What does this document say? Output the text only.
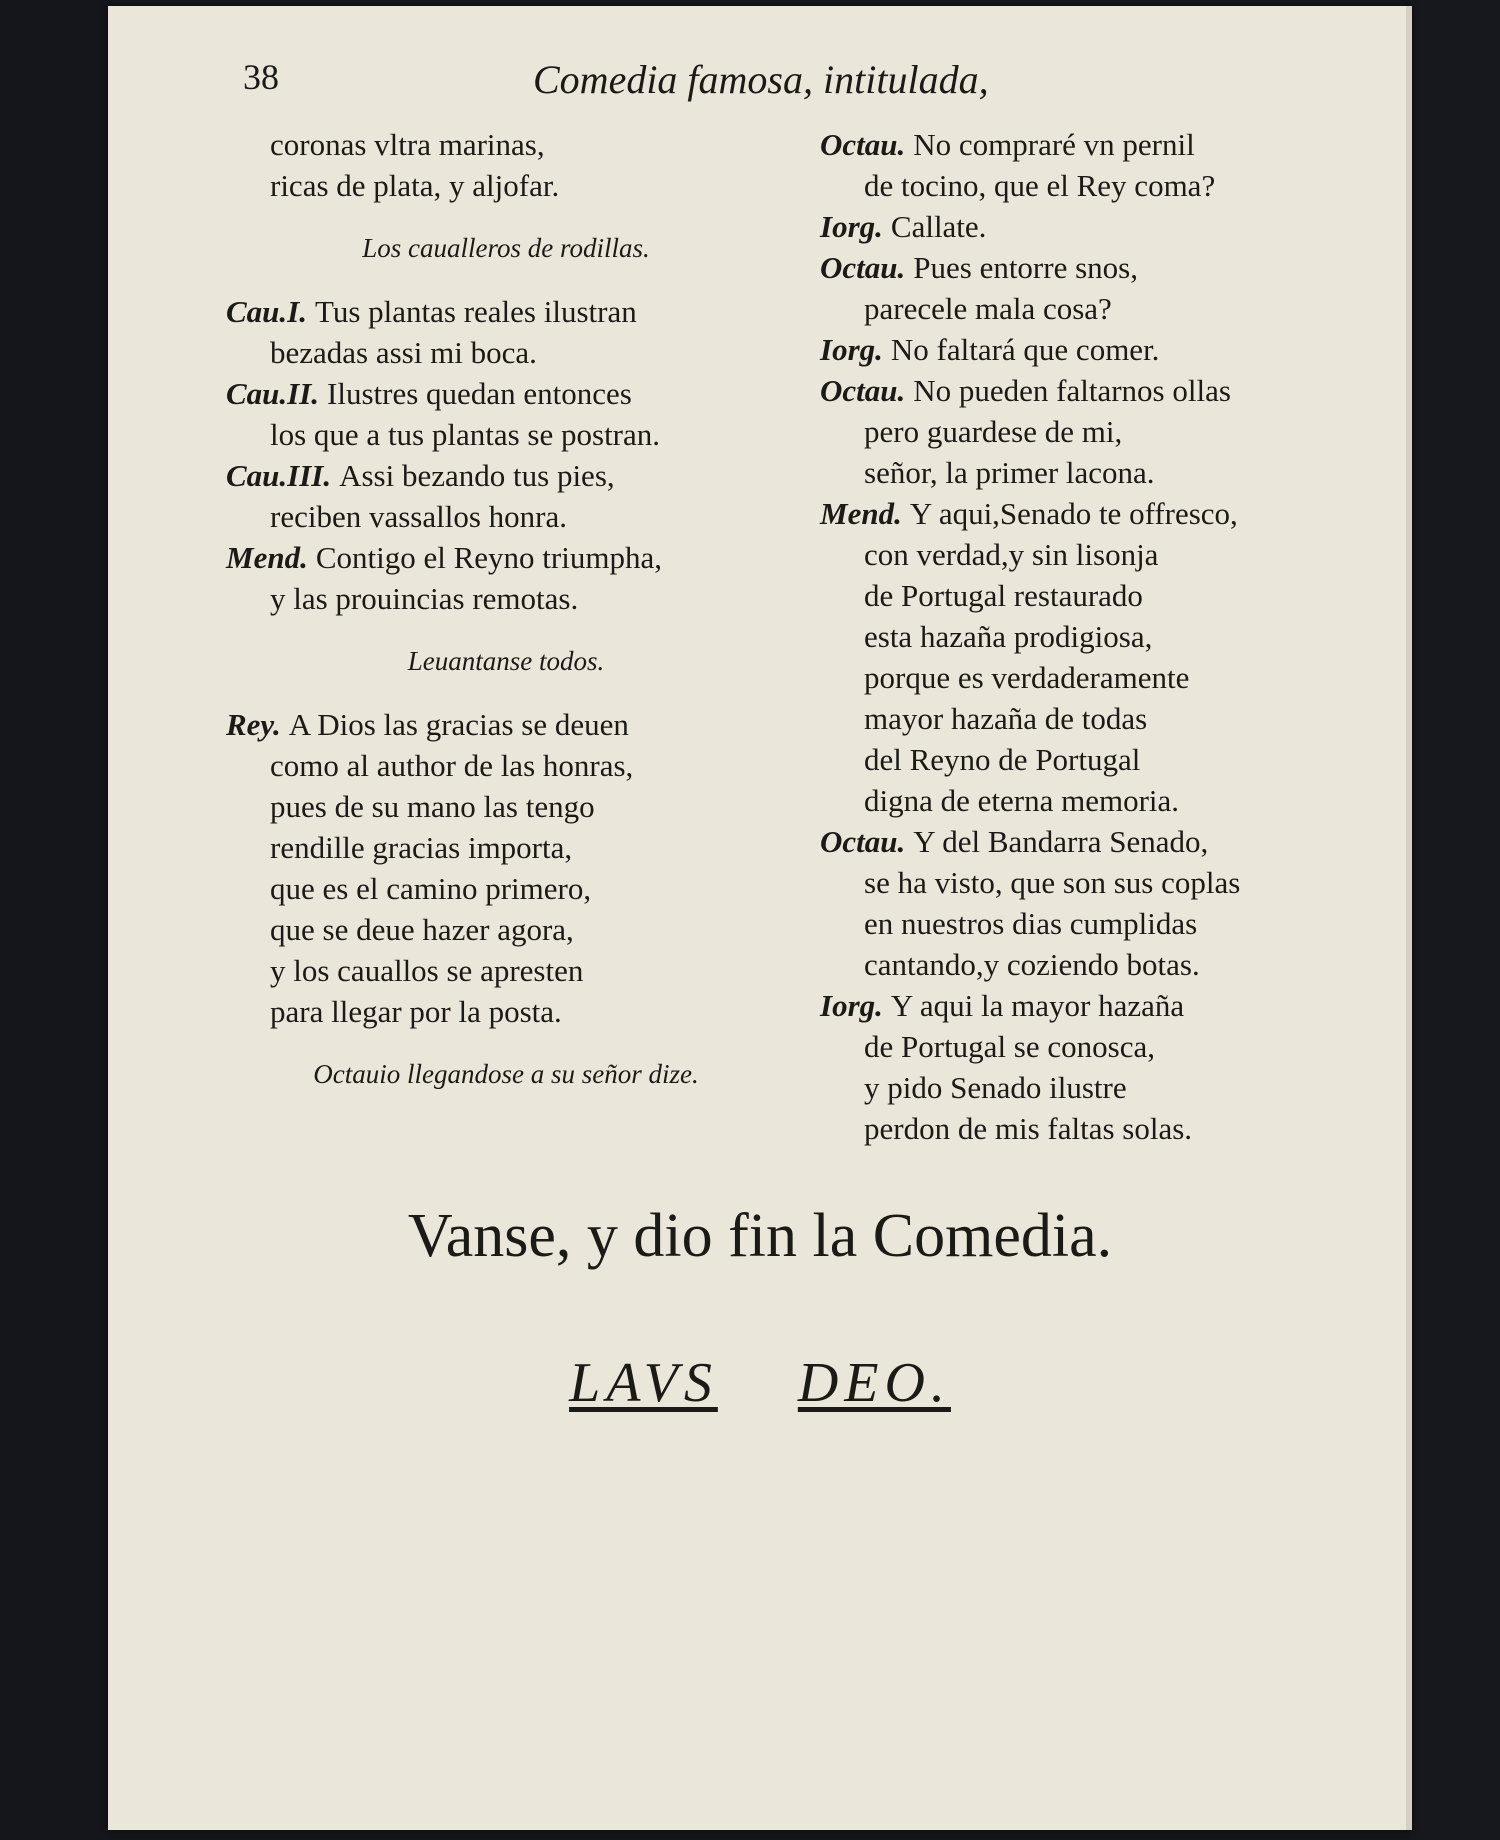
38	Comedia famosa, intitulada,
coronas vltra marinas,
ricas de plata, y aljofar.
Los caualleros de rodillas.
Cau.I. Tus plantas reales ilustran
bezadas assi mi boca.
Cau.II. Ilustres quedan entonces
los que a tus plantas se postran.
Cau.III. Assi bezando tus pies,
reciben vassallos honra.
Mend. Contigo el Reyno triumpha,
y las prouincias remotas.
Leuantanse todos.
Rey. A Dios las gracias se deuen
como al author de las honras,
pues de su mano las tengo
rendille gracias importa,
que es el camino primero,
que se deue hazer agora,
y los cauallos se apresten
para llegar por la posta.
Octauio llegandose a su señor dize.
Octau. No compraré vn pernil
de tocino, que el Rey coma?
Iorg. Callate.
Octau. Pues entorre snos,
parecele mala cosa?
Iorg. No faltará que comer.
Octau. No pueden faltarnos ollas
pero guardese de mi,
señor, la primer lacona.
Mend. Y aqui,Senado te offresco,
con verdad,y sin lisonja
de Portugal restaurado
esta hazaña prodigiosa,
porque es verdaderamente
mayor hazaña de todas
del Reyno de Portugal
digna de eterna memoria.
Octau. Y del Bandarra Senado,
se ha visto, que son sus coplas
en nuestros dias cumplidas
cantando,y coziendo botas.
Iorg. Y aqui la mayor hazaña
de Portugal se conosca,
y pido Senado ilustre
perdon de mis faltas solas.
Vanse, y dio fin la Comedia.
LAVS DEO.
